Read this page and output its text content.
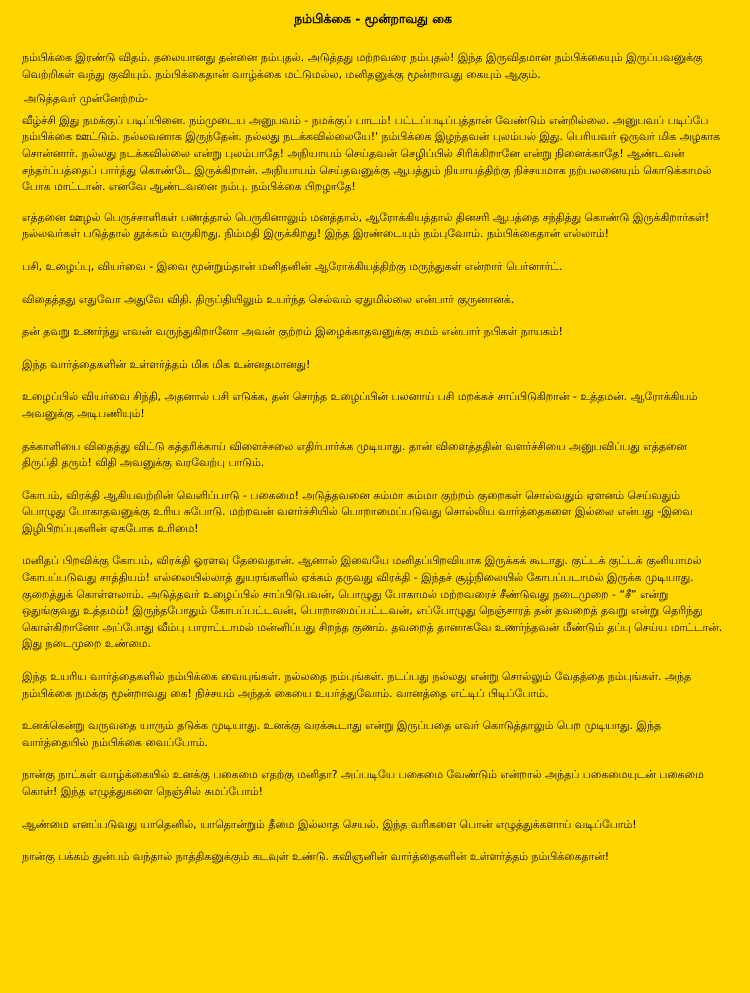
நம்பிக்கை - மூன்றாவது கை

நம்பிக்கை இரண்டு விதம். தலையானது தன்னை நம்புதல். அடுத்தது மற்றவரை நம்புதல்! இந்த இருவிதமான நம்பிக்கையும் இருப்பவனுக்கு வெற்றிகள் வந்து குவியும். நம்பிக்கைதான் வாழ்க்கை மட்டுமல்ல, மனிதனுக்கு மூன்றாவது கையும் ஆகும்.

அடுத்தவர் முன்னேற்றம்-

வீழ்ச்சி இது நமக்குப் படிப்பினை. நம்முடைய அனுபவம் - நமக்குப் பாடம்! பட்டப்படிப்புத்தான் வேண்டும் என்றில்லை. அனுபவப் படிப்பே நம்பிக்கை ஊட்டும். நல்லவனாக இருந்தேன். நல்லது நடக்கவில்லையே!' நம்பிக்கை இழந்தவன் புலம்பல் இது. பெரியவர் ஒருவர் மிக அழகாக சொன்னார். நல்லது நடக்கவில்லை என்று புலம்பாதே! அநியாயம் செய்தவன் செழிப்பில் சிரிக்கிறானே என்று நினைக்காதே! ஆண்டவன் சந்தர்ப்பத்தைப் பார்த்து கொண்டே இருக்கிறான். அநியாயம் செய்தவனுக்கு ஆபத்தும் நியாயத்திற்கு நிச்சயமாக நற்பலனையும் கொடுக்காமல் போக மாட்டான். எனவே ஆண்டவனை நம்பு. நம்பிக்கை பிறழாதே!

எத்தனை ஊழல் பெருச்சாளிகள் பணத்தால் பெருகினாலும் மனத்தால், ஆரோக்கியத்தால் தினசரி ஆபத்தை சந்தித்து கொண்டு இருக்கிறார்கள்! நல்லவர்கள் படுத்தால் தூக்கம் வருகிறது. நிம்மதி இருக்கிறது! இந்த இரண்டையும் நம்புவோம். நம்பிக்கைதான் எல்லாம்!

பசி, உழைப்பு, வியர்வை - இவை மூன்றும்தான் மனிதனின் ஆரோக்கியத்திற்கு மருந்துகள் என்றார் பெர்னார்ட்.

விதைத்தது எதுவோ அதுவே விதி. திருப்தியிலும் உயர்ந்த செல்வம் ஏதுமில்லை என்பார் குருனானக்.

தன் தவறு உணர்ந்து எவன் வருந்துகிறானோ அவன் குற்றம் இழைக்காதவனுக்கு சமம் என்பார் நபிகள் நாயகம்!

இந்த வார்த்தைகளின் உள்ளர்த்தம் மிக மிக உன்னதமானது!

உழைப்பில் வியர்வை சிந்தி, அதனால் பசி எடுக்க, தன் சொந்த உழைப்பின் பலனாய் பசி மறக்கச் சாப்பிடுகிறான் - உத்தமன். ஆரோக்கியம் அவனுக்கு அடிபணியும்!

தக்காளியை விதைத்து விட்டு கத்தரிக்காய் விளைச்சலை எதிர்பார்க்க முடியாது. தான் விளைத்ததின் வளர்ச்சியை அனுபவிப்பது எத்தனை திருப்தி தரும்! விதி அவனுக்கு வரவேற்பு பாடும்.

கோபம், விரக்தி ஆகியவற்றின் வெளிப்பாடு - பகைமை! அடுத்தவனை சும்மா சும்மா குற்றம் குறைகள் சொல்வதும் ஏளனம் செய்வதும் பொழுது போகாதவனுக்கு உரிய சுபோடு. மற்றவன் வளர்ச்சியில் பொறாமைப்படுவது சொல்லிய வார்த்தைகளை இல்லை என்பது -இவை இழிபிறப்புகளின் ஏகபோக உரிமை!

மனிதப் பிறவிக்கு கோபம், விரக்தி ஓரளவு தேவைதான். ஆனால் இவையே மனிதப்பிறவியாக இருக்கக் கூடாது. குட்டக் குட்டக் குனியாமல் கோபப்படுவது சாத்தியம்! எல்லையில்லாத் துயரங்களில் ஏக்கம் தருவது விரக்தி - இந்தச் சூழ்நிலையில் கோபப்படாமல் இருக்க முடியாது. குறைத்துக் கொள்ளலாம். அடுத்தவர் உழைப்பில் சாப்பிடுபவன், பொழுது போகாமல் மற்றவரைச் சீண்டுவது நடைமுறை - “சீ” என்று ஒதுங்குவது உத்தமம்! இருந்தபோதும் கோபப்பட்டவன், பொறாமைப்பட்டவன், எப்போழுது நெஞ்சாரத் தன் தவறைத் தவறு என்று தெரிந்து கொள்கிறானோ அப்போது வீம்பு பாராட்டாமல் மன்னிப்பது சிறந்த குணம். தவறைத் தானாகவே உணர்ந்தவன் மீண்டும் தப்பு செய்ய மாட்டான். இது நடைமுறை உண்மை.

இந்த உயரிய வார்த்தைகளில் நம்பிக்கை வையுங்கள். நல்லதை நம்புங்கள். நடப்பது நல்லது என்று சொல்லும் வேதத்தை நம்புங்கள். அந்த நம்பிக்கை நமக்கு மூன்றாவது கை! நிச்சயம் அந்தக் கையை உயர்த்துவோம். வானத்தை எட்டிப் பிடிப்போம்.

உனக்கென்று வருவதை யாரும் தடுக்க முடியாது. உனக்கு வரக்கூடாது என்று இருப்பதை எவர் கொடுத்தாலும் பெற முடியாது. இந்த வார்த்தையில் நம்பிக்கை வைப்போம்.

நான்கு நாட்கள் வாழ்க்கையில் உனக்கு பகைமை எதற்கு மனிதா? அப்படியே பகைமை வேண்டும் என்றால் அந்தப் பகைமையுடன் பகைமை கொள்! இந்த எழுத்துகளை நெஞ்சில் சுமப்போம்!

ஆண்மை எனப்படுவது யாதெனில், யாதொன்றும் தீமை இல்லாத செயல். இந்த வரிகளை பொன் எழுத்துக்களாய் வடிப்போம்!

நான்கு பக்கம் துன்பம் வந்தால் நாத்திகனுக்கும் கடவுள் உண்டு. கவிஞனின் வார்த்தைகளின் உள்ளர்த்தம் நம்பிக்கைதான்!
